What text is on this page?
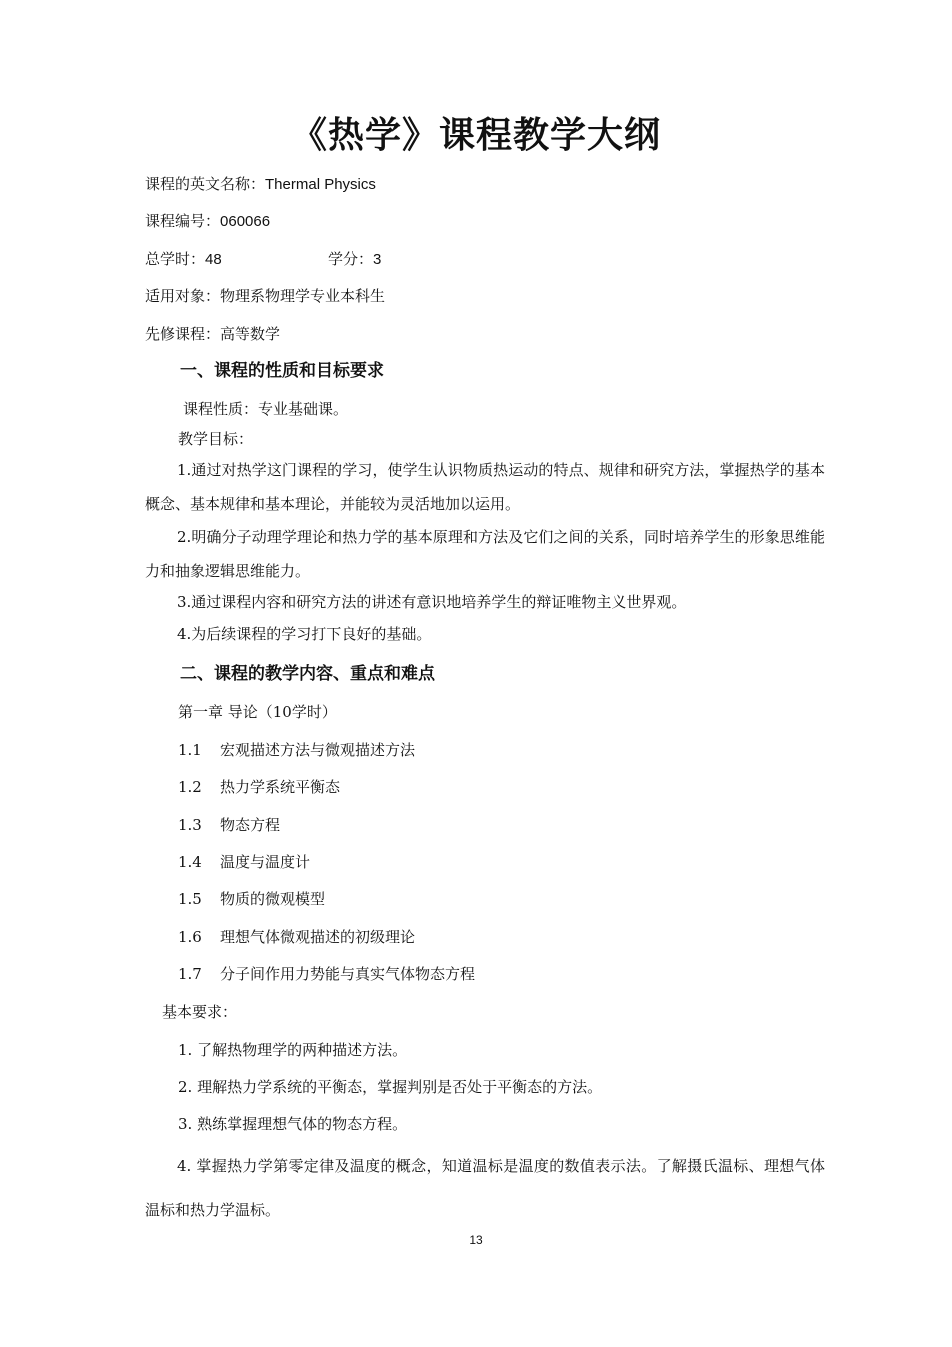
《热学》课程教学大纲
课程的英文名称：Thermal Physics
课程编号：060066
总学时：48	学分：3
适用对象：物理系物理学专业本科生
先修课程：高等数学
一、课程的性质和目标要求
课程性质：专业基础课。
教学目标：
1.通过对热学这门课程的学习，使学生认识物质热运动的特点、规律和研究方法，掌握热学的基本概念、基本规律和基本理论，并能较为灵活地加以运用。
2.明确分子动理学理论和热力学的基本原理和方法及它们之间的关系，同时培养学生的形象思维能力和抽象逻辑思维能力。
3.通过课程内容和研究方法的讲述有意识地培养学生的辩证唯物主义世界观。
4.为后续课程的学习打下良好的基础。
二、课程的教学内容、重点和难点
第一章 导论（10学时）
1.1 宏观描述方法与微观描述方法
1.2 热力学系统平衡态
1.3 物态方程
1.4 温度与温度计
1.5 物质的微观模型
1.6 理想气体微观描述的初级理论
1.7 分子间作用力势能与真实气体物态方程
基本要求：
1. 了解热物理学的两种描述方法。
2. 理解热力学系统的平衡态，掌握判别是否处于平衡态的方法。
3. 熟练掌握理想气体的物态方程。
4. 掌握热力学第零定律及温度的概念，知道温标是温度的数值表示法。了解摄氏温标、理想气体温标和热力学温标。
13
